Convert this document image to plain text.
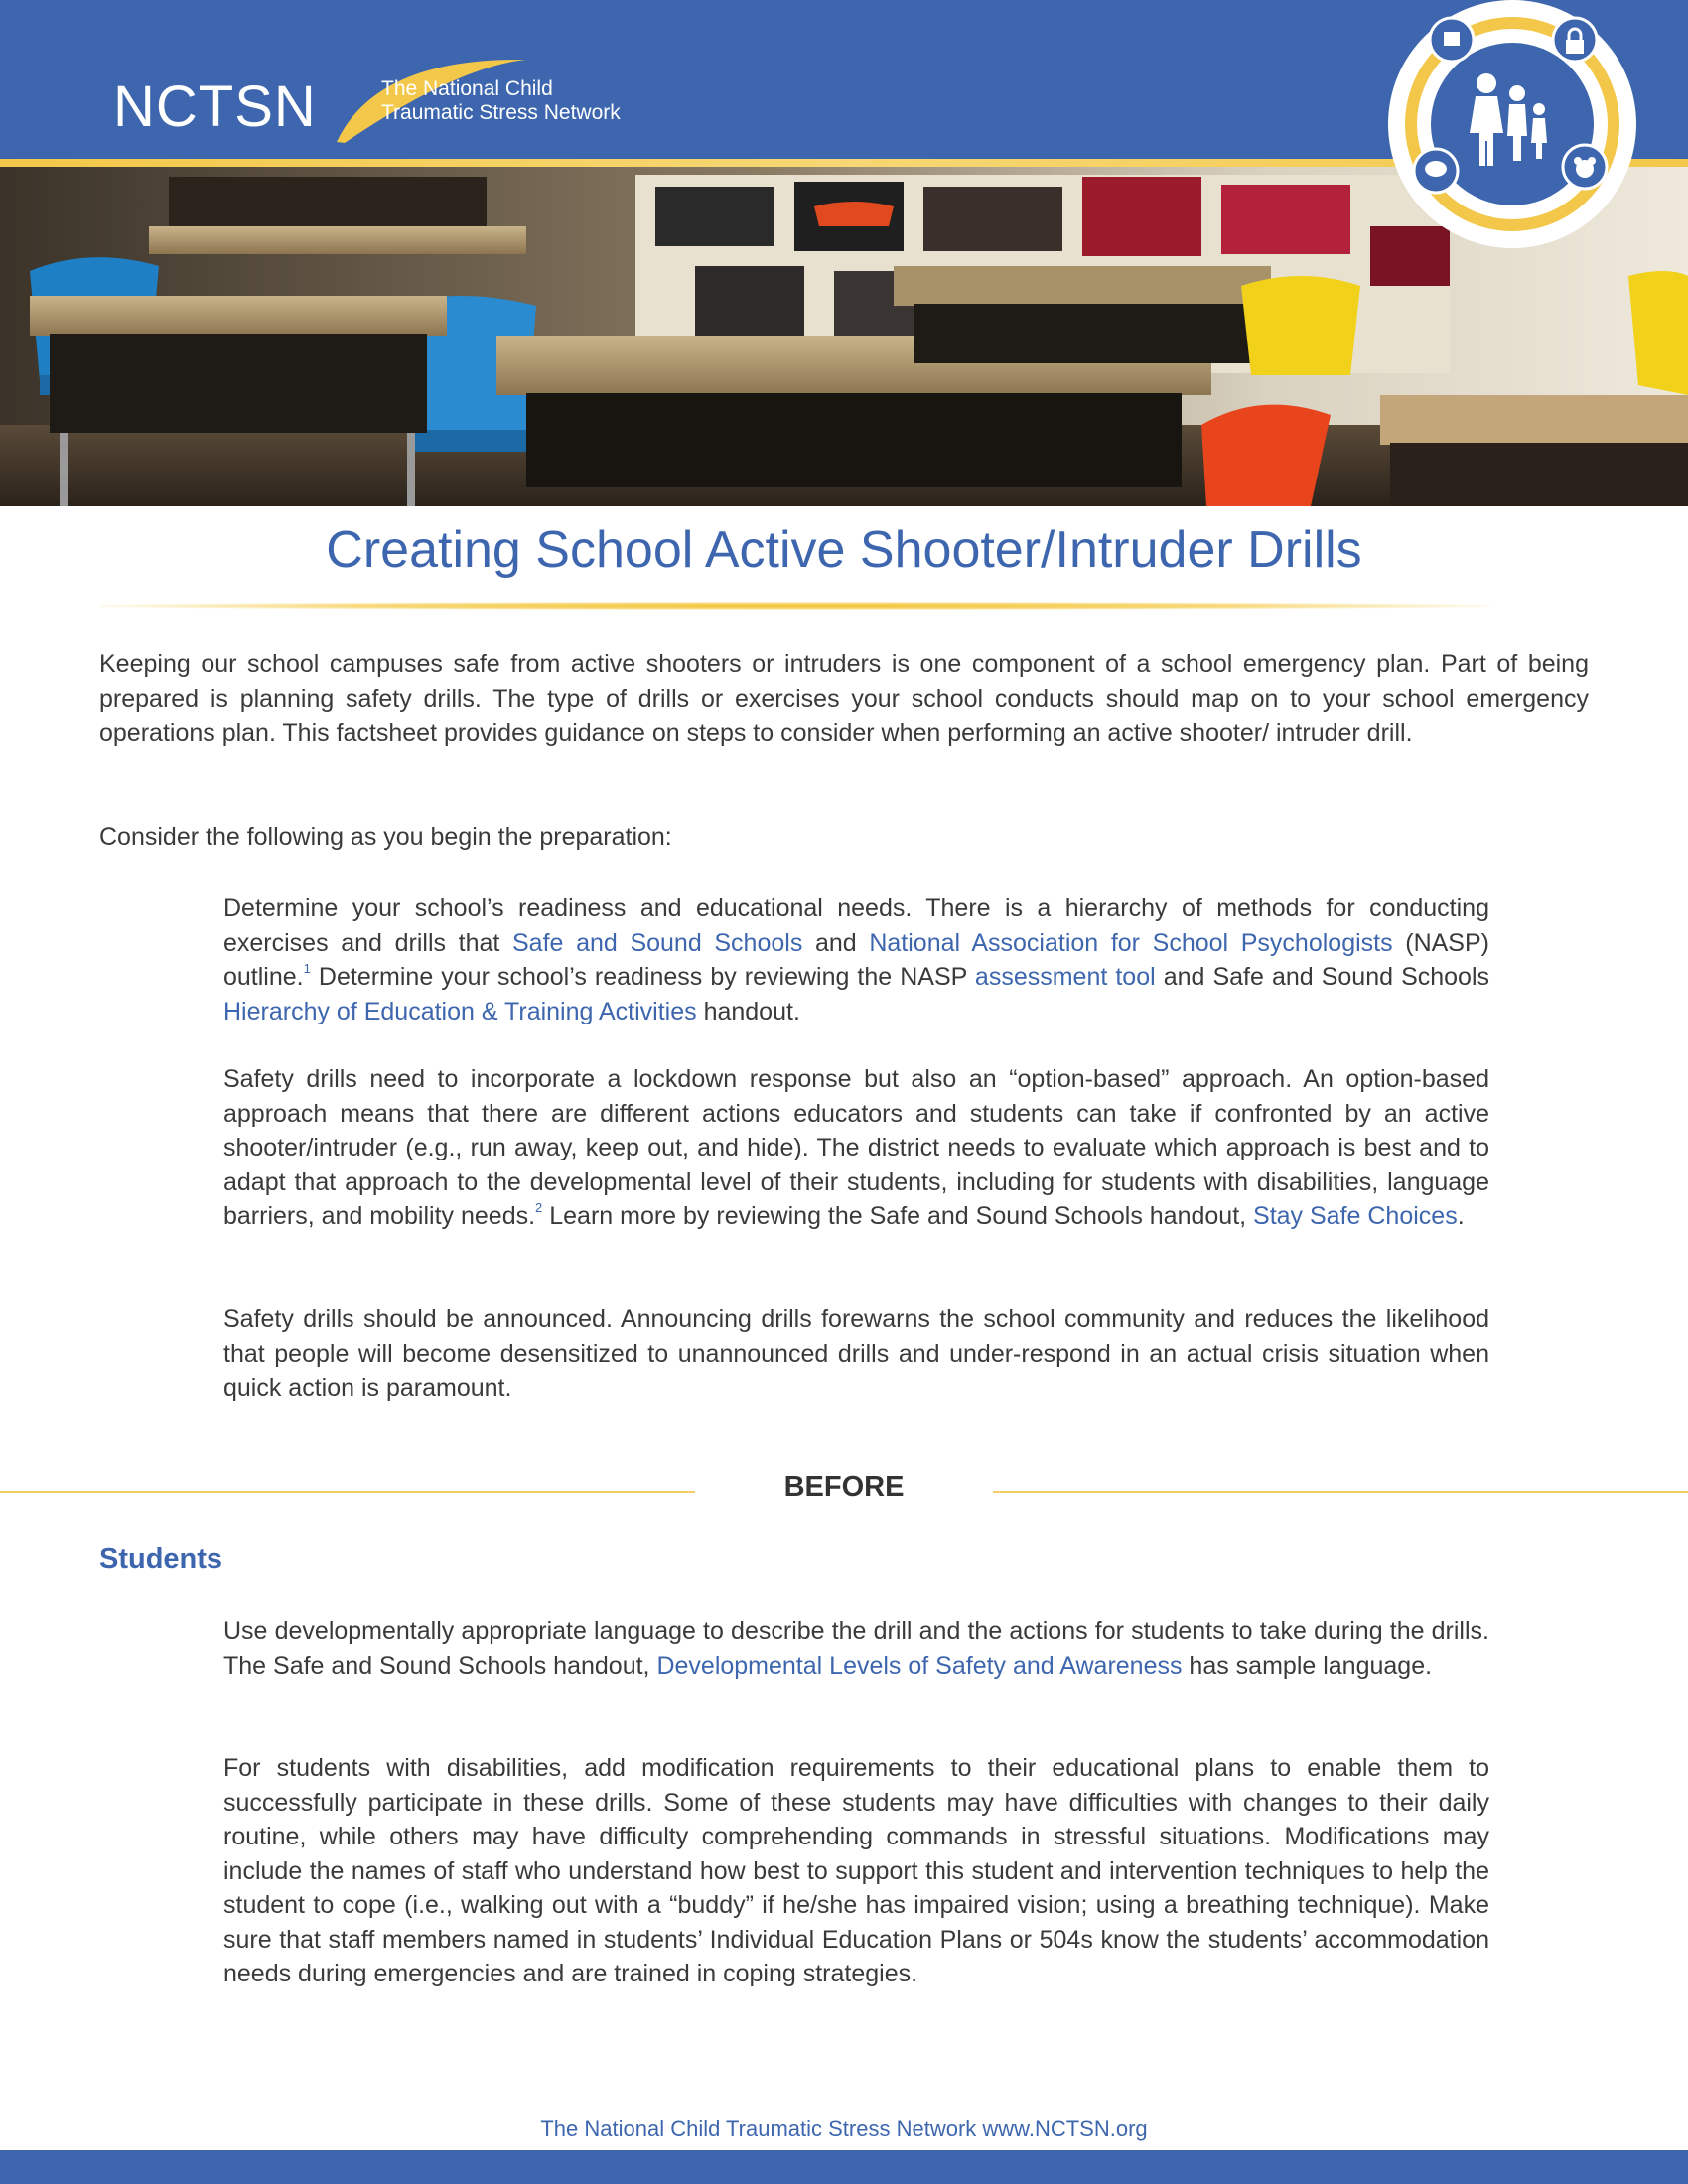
NCTSN	The National Child
Traumatic Stress Network
Creating School Active Shooter/Intruder Drills

Keeping our school campuses safe from active shooters or intruders is one component of a school emergency plan. Part of being prepared is planning safety drills. The type of drills or exercises your school conducts should map on to your school emergency operations plan. This factsheet provides guidance on steps to consider when performing an active shooter/ intruder drill.

Consider the following as you begin the preparation:

Determine your school’s readiness and educational needs. There is a hierarchy of methods for conducting exercises and drills that Safe and Sound Schools and National Association for School Psychologists (NASP) outline.$^1$ Determine your school’s readiness by reviewing the NASP assessment tool and Safe and Sound Schools Hierarchy of Education & Training Activities handout.

Safety drills need to incorporate a lockdown response but also an “option-based” approach. An option-based approach means that there are different actions educators and students can take if confronted by an active shooter/intruder (e.g., run away, keep out, and hide). The district needs to evaluate which approach is best and to adapt that approach to the developmental level of their students, including for students with disabilities, language barriers, and mobility needs.$^2$ Learn more by reviewing the Safe and Sound Schools handout, Stay Safe Choices.

Safety drills should be announced. Announcing drills forewarns the school community and reduces the likelihood that people will become desensitized to unannounced drills and under-respond in an actual crisis situation when quick action is paramount.

BEFORE
Students

Use developmentally appropriate language to describe the drill and the actions for students to take during the drills. The Safe and Sound Schools handout, Developmental Levels of Safety and Awareness has sample language.

For students with disabilities, add modification requirements to their educational plans to enable them to successfully participate in these drills. Some of these students may have difficulties with changes to their daily routine, while others may have difficulty comprehending commands in stressful situations. Modifications may include the names of staff who understand how best to support this student and intervention techniques to help the student to cope (i.e., walking out with a “buddy” if he/she has impaired vision; using a breathing technique). Make sure that staff members named in students’ Individual Education Plans or 504s know the students’ accommodation needs during emergencies and are trained in coping strategies.

The National Child Traumatic Stress Network www.NCTSN.org
